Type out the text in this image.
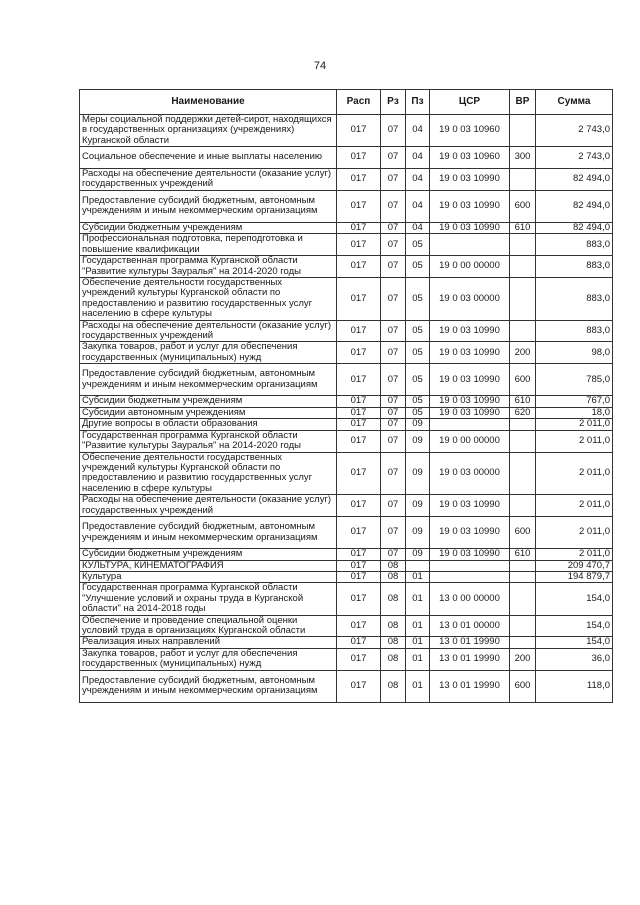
74
Наименование	Расп	Рз	Пз	ЦСР	ВР	Сумма
Меры социальной поддержки детей-сирот, находящихся в государственных организациях (учреждениях) Курганской области	017	07	04	19 0 03 10960		2 743,0
Социальное обеспечение и иные выплаты населению	017	07	04	19 0 03 10960	300	2 743,0
Расходы на обеспечение деятельности (оказание услуг) государственных учреждений	017	07	04	19 0 03 10990		82 494,0
Предоставление субсидий бюджетным, автономным учреждениям и иным некоммерческим организациям	017	07	04	19 0 03 10990	600	82 494,0
Субсидии бюджетным учреждениям	017	07	04	19 0 03 10990	610	82 494,0
Профессиональная подготовка, переподготовка и повышение квалификации	017	07	05			883,0
Государственная программа Курганской области "Развитие культуры Зауралья" на 2014-2020 годы	017	07	05	19 0 00 00000		883,0
Обеспечение деятельности государственных учреждений культуры Курганской области по предоставлению и развитию государственных услуг населению в сфере культуры	017	07	05	19 0 03 00000		883,0
Расходы на обеспечение деятельности (оказание услуг) государственных учреждений	017	07	05	19 0 03 10990		883,0
Закупка товаров, работ и услуг для обеспечения государственных (муниципальных) нужд	017	07	05	19 0 03 10990	200	98,0
Предоставление субсидий бюджетным, автономным учреждениям и иным некоммерческим организациям	017	07	05	19 0 03 10990	600	785,0
Субсидии бюджетным учреждениям	017	07	05	19 0 03 10990	610	767,0
Субсидии автономным учреждениям	017	07	05	19 0 03 10990	620	18,0
Другие вопросы в области образования	017	07	09			2 011,0
Государственная программа Курганской области "Развитие культуры Зауралья" на 2014-2020 годы	017	07	09	19 0 00 00000		2 011,0
Обеспечение деятельности государственных учреждений культуры Курганской области по предоставлению и развитию государственных услуг населению в сфере культуры	017	07	09	19 0 03 00000		2 011,0
Расходы на обеспечение деятельности (оказание услуг) государственных учреждений	017	07	09	19 0 03 10990		2 011,0
Предоставление субсидий бюджетным, автономным учреждениям и иным некоммерческим организациям	017	07	09	19 0 03 10990	600	2 011,0
Субсидии бюджетным учреждениям	017	07	09	19 0 03 10990	610	2 011,0
КУЛЬТУРА, КИНЕМАТОГРАФИЯ	017	08				209 470,7
Культура	017	08	01			194 879,7
Государственная программа Курганской области "Улучшение условий и охраны труда в Курганской области" на 2014-2018 годы	017	08	01	13 0 00 00000		154,0
Обеспечение и проведение специальной оценки условий труда в организациях Курганской области	017	08	01	13 0 01 00000		154,0
Реализация иных направлений	017	08	01	13 0 01 19990		154,0
Закупка товаров, работ и услуг для обеспечения государственных (муниципальных) нужд	017	08	01	13 0 01 19990	200	36,0
Предоставление субсидий бюджетным, автономным учреждениям и иным некоммерческим организациям	017	08	01	13 0 01 19990	600	118,0
